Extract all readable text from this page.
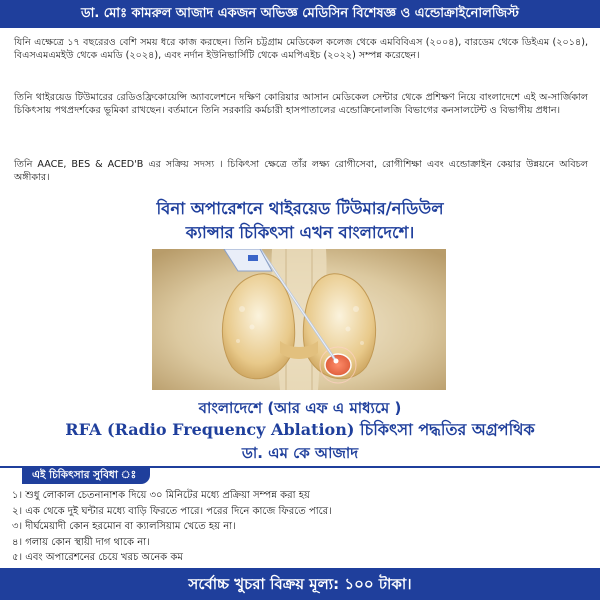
ডা. মোঃ কামরুল আজাদ একজন অভিজ্ঞ মেডিসিন বিশেষজ্ঞ ও এন্ডোক্রাইনোলজিস্ট

যিনি এক্ষেত্রে ১৭ বছরেরও বেশি সময় ধরে কাজ করছেন। তিনি চট্টগ্রাম মেডিকেল কলেজ থেকে এমবিবিএস (২০০৪), বারডেম থেকে ডিইএম (২০১৪), বিএসএমএমইউ থেকে এমডি (২০২৪), এবং নর্দান ইউনিভার্সিটি থেকে এমপিএইচ (২০২২) সম্পন্ন করেছেন।

তিনি থাইরয়েড টিউমারের রেডিওফ্রিকোয়েন্সি অ্যাবলেশনে দক্ষিণ কোরিয়ার আসান মেডিকেল সেন্টার থেকে প্রশিক্ষণ নিয়ে বাংলাদেশে এই অ-সার্জিকাল চিকিৎসায় পথপ্রদর্শকের ভূমিকা রাখছেন। বর্তমানে তিনি সরকারি কর্মচারী হাসপাতালের এন্ডোক্রিনোলজি বিভাগের কনসালটেন্ট ও বিভাগীয় প্রধান।

তিনি AACE, BES & ACED'B এর সক্রিয় সদস্য । চিকিৎসা ক্ষেত্রে তাঁর লক্ষ্য রোগীসেবা, রোগীশিক্ষা এবং এন্ডোক্রাইন কেয়ার উন্নয়নে অবিচল অঙ্গীকার।

বিনা অপারেশনে থাইরয়েড টিউমার/নডিউল
ক্যান্সার চিকিৎসা এখন বাংলাদেশে।
বাংলাদেশে (আর এফ এ মাধ্যমে )
RFA (Radio Frequency Ablation) চিকিৎসা পদ্ধতির অগ্রপথিক
ডা. এম কে আজাদ
এই চিকিৎসার সুবিধা ঃ
১। শুধু লোকাল চেতনানাশক দিয়ে ৩০ মিনিটের মধ্যে প্রক্রিয়া সম্পন্ন করা হয়
২। এক থেকে দুই ঘন্টার মধ্যে বাড়ি ফিরতে পারে। পরের দিনে কাজে ফিরতে পারে।
৩। দীর্ঘমেয়াদী কোন হরমোন বা ক্যালসিয়াম খেতে হয় না।
৪। গলায় কোন স্থায়ী দাগ থাকে না।
৫। এবং অপারেশনের চেয়ে খরচ অনেক কম
সর্বোচ্চ খুচরা বিক্রয় মূল্য: ১০০ টাকা।
